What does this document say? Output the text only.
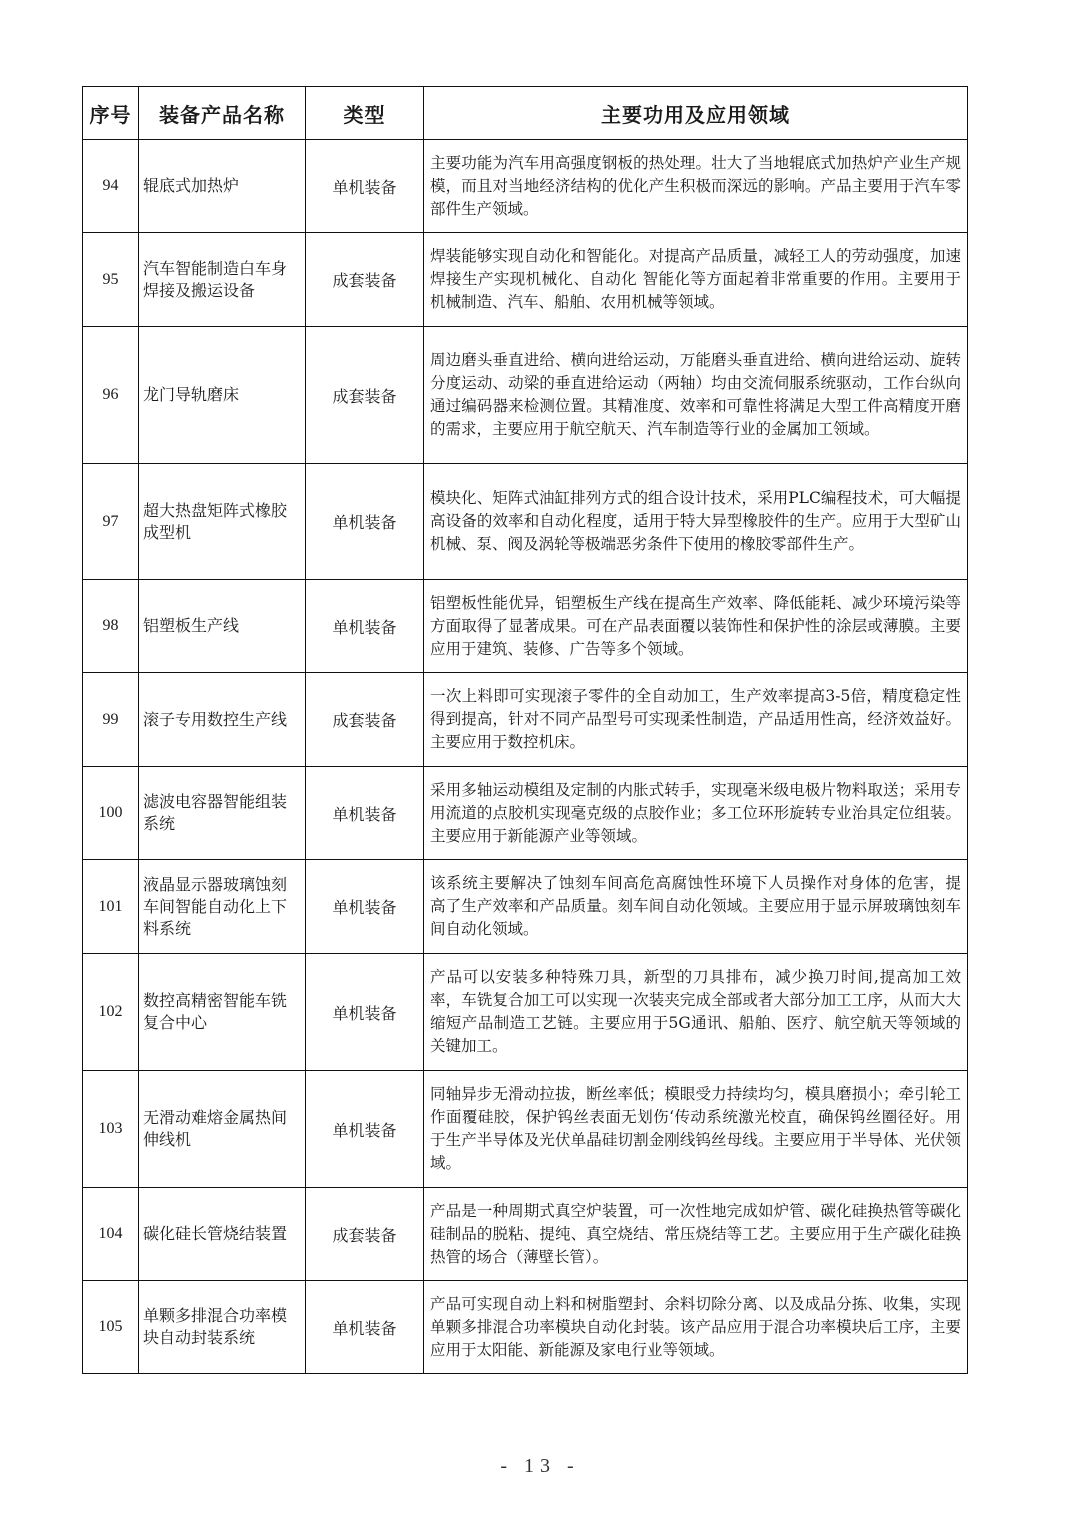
序号	装备产品名称	类型	主要功用及应用领域
94	辊底式加热炉	单机装备	主要功能为汽车用高强度钢板的热处理。壮大了当地辊底式加热炉产业生产规模，而且对当地经济结构的优化产生积极而深远的影响。产品主要用于汽车零部件生产领域。
95	汽车智能制造白车身焊接及搬运设备	成套装备	焊装能够实现自动化和智能化。对提高产品质量，减轻工人的劳动强度，加速焊接生产实现机械化、自动化 智能化等方面起着非常重要的作用。主要用于机械制造、汽车、船舶、农用机械等领域。
96	龙门导轨磨床	成套装备	周边磨头垂直进给、横向进给运动，万能磨头垂直进给、横向进给运动、旋转分度运动、动梁的垂直进给运动（两轴）均由交流伺服系统驱动，工作台纵向通过编码器来检测位置。其精准度、效率和可靠性将满足大型工件高精度开磨的需求，主要应用于航空航天、汽车制造等行业的金属加工领域。
97	超大热盘矩阵式橡胶成型机	单机装备	模块化、矩阵式油缸排列方式的组合设计技术，采用PLC编程技术，可大幅提高设备的效率和自动化程度，适用于特大异型橡胶件的生产。应用于大型矿山机械、泵、阀及涡轮等极端恶劣条件下使用的橡胶零部件生产。
98	铝塑板生产线	单机装备	铝塑板性能优异，铝塑板生产线在提高生产效率、降低能耗、减少环境污染等方面取得了显著成果。可在产品表面覆以装饰性和保护性的涂层或薄膜。主要应用于建筑、装修、广告等多个领域。
99	滚子专用数控生产线	成套装备	一次上料即可实现滚子零件的全自动加工，生产效率提高3-5倍，精度稳定性得到提高，针对不同产品型号可实现柔性制造，产品适用性高，经济效益好。主要应用于数控机床。
100	滤波电容器智能组装系统	单机装备	采用多轴运动模组及定制的内胀式转手，实现毫米级电极片物料取送；采用专用流道的点胶机实现毫克级的点胶作业；多工位环形旋转专业治具定位组装。主要应用于新能源产业等领域。
101	液晶显示器玻璃蚀刻车间智能自动化上下料系统	单机装备	该系统主要解决了蚀刻车间高危高腐蚀性环境下人员操作对身体的危害，提 高了生产效率和产品质量。刻车间自动化领域。主要应用于显示屏玻璃蚀刻车间自动化领域。
102	数控高精密智能车铣复合中心	单机装备	产品可以安装多种特殊刀具，新型的刀具排布，减少换刀时间,提高加工效率，车铣复合加工可以实现一次装夹完成全部或者大部分加工工序，从而大大缩短产品制造工艺链。主要应用于5G通讯、船舶、医疗、航空航天等领域的关键加工。
103	无滑动难熔金属热间伸线机	单机装备	同轴异步无滑动拉拔，断丝率低；模眼受力持续均匀，模具磨损小；牵引轮工作面覆硅胶，保护钨丝表面无划伤‘传动系统激光校直，确保钨丝圈径好。用于生产半导体及光伏单晶硅切割金刚线钨丝母线。主要应用于半导体、光伏领域。
104	碳化硅长管烧结装置	成套装备	产品是一种周期式真空炉装置，可一次性地完成如炉管、碳化硅换热管等碳化硅制品的脱粘、提纯、真空烧结、常压烧结等工艺。主要应用于生产碳化硅换热管的场合（薄壁长管）。
105	单颗多排混合功率模块自动封装系统	单机装备	产品可实现自动上料和树脂塑封、余料切除分离、以及成品分拣、收集，实现单颗多排混合功率模块自动化封装。该产品应用于混合功率模块后工序，主要应用于太阳能、新能源及家电行业等领域。
- 13 -
